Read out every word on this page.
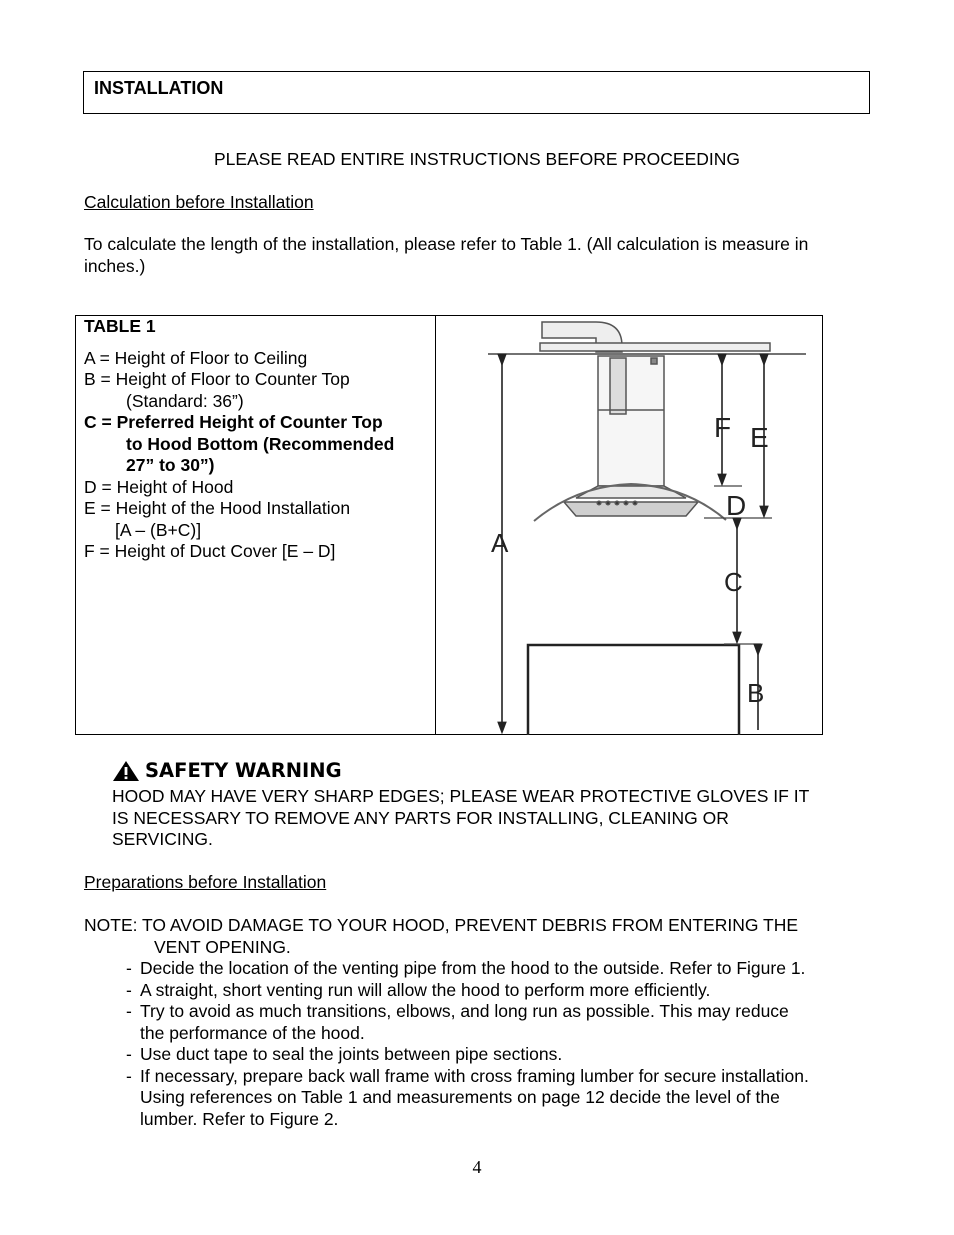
INSTALLATION
PLEASE READ ENTIRE INSTRUCTIONS BEFORE PROCEEDING
Calculation before Installation
To calculate the length of the installation, please refer to Table 1. (All calculation is measure in
inches.)
TABLE 1
A = Height of Floor to Ceiling
B = Height of Floor to Counter Top
(Standard: 36”)
C = Preferred Height of Counter Top
to Hood Bottom (Recommended
27” to 30”)
D = Height of Hood
E = Height of the Hood Installation
[A – (B+C)]
F = Height of Duct Cover [E – D]	A
F E
D
C
B
SAFETY WARNING
HOOD MAY HAVE VERY SHARP EDGES; PLEASE WEAR PROTECTIVE GLOVES IF IT
IS NECESSARY TO REMOVE ANY PARTS FOR INSTALLING, CLEANING OR
SERVICING.
Preparations before Installation
NOTE: TO AVOID DAMAGE TO YOUR HOOD, PREVENT DEBRIS FROM ENTERING THE
VENT OPENING.
- Decide the location of the venting pipe from the hood to the outside. Refer to Figure 1.
- A straight, short venting run will allow the hood to perform more efficiently.
- Try to avoid as much transitions, elbows, and long run as possible. This may reduce
the performance of the hood.
- Use duct tape to seal the joints between pipe sections.
- If necessary, prepare back wall frame with cross framing lumber for secure installation.
Using references on Table 1 and measurements on page 12 decide the level of the
lumber. Refer to Figure 2.
4
